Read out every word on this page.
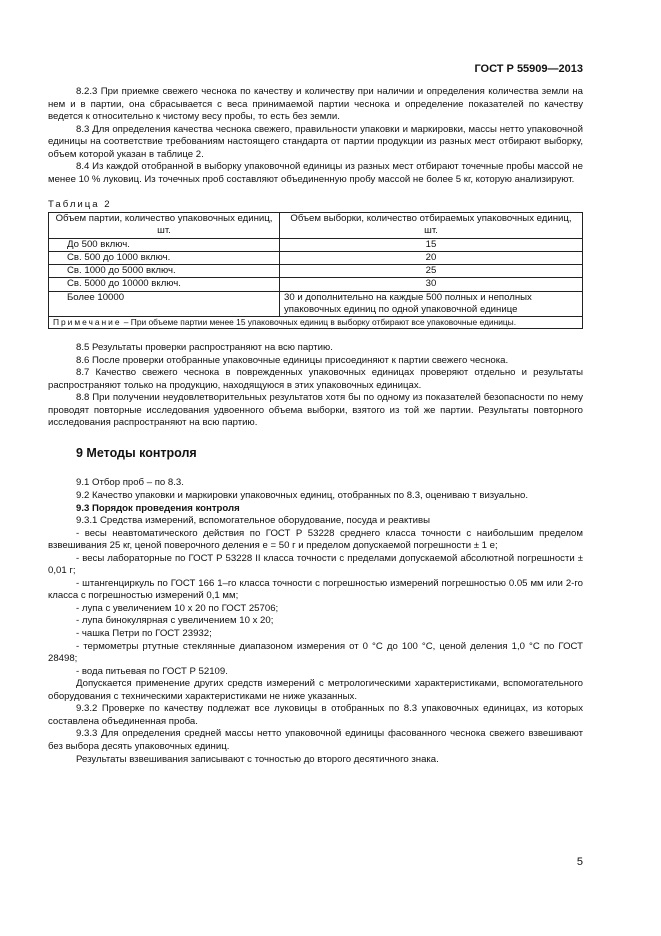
ГОСТ Р 55909—2013

8.2.3 При приемке свежего чеснока по качеству и количеству при наличии и определения количества земли на нем и в партии, она сбрасывается с веса принимаемой партии чеснока и определение показателей по качеству ведется к относительно к чистому весу пробы, то есть без земли.

8.3 Для определения качества чеснока свежего, правильности упаковки и маркировки, массы нетто упаковочной единицы на соответствие требованиям настоящего стандарта от партии продукции из разных мест отбирают выборку, объем которой указан в таблице 2.

8.4 Из каждой отобранной в выборку упаковочной единицы из разных мест отбирают точечные пробы массой не менее 10 % луковиц. Из точечных проб составляют объединенную пробу массой не более 5 кг, которую анализируют.

Таблица 2

Объем партии, количество упаковочных единиц, шт.	Объем выборки, количество отбираемых упаковочных единиц, шт.
До 500 включ.	15
Св. 500 до 1000 включ.	20
Св. 1000 до 5000 включ.	25
Св. 5000 до 10000 включ.	30
Более 10000	30 и дополнительно на каждые 500 полных и неполных упаковочных единиц по одной упаковочной единице
Примечание – При объеме партии менее 15 упаковочных единиц в выборку отбирают все упаковочные единицы.	

8.5 Результаты проверки распространяют на всю партию.

8.6 После проверки отобранные упаковочные единицы присоединяют к партии свежего чеснока.

8.7 Качество свежего чеснока в поврежденных упаковочных единицах проверяют отдельно и результаты распространяют только на продукцию, находящуюся в этих упаковочных единицах.

8.8 При получении неудовлетворительных результатов хотя бы по одному из показателей безопасности по нему проводят повторные исследования удвоенного объема выборки, взятого из той же партии. Результаты повторного исследования распространяют на всю партию.

9 Методы контроля

9.1 Отбор проб – по 8.3.

9.2 Качество упаковки и маркировки упаковочных единиц, отобранных по 8.3, оцениваю т визуально.

9.3 Порядок проведения контроля

9.3.1 Средства измерений, вспомогательное оборудование, посуда и реактивы

- весы неавтоматического действия по ГОСТ Р 53228 среднего класса точности с наибольшим пределом взвешивания 25 кг, ценой поверочного деления е = 50 г и пределом допускаемой погрешности ± 1 е;

- весы лабораторные по ГОСТ Р 53228 II класса точности с пределами допускаемой абсолютной погрешности ± 0,01 г;

- штангенциркуль по ГОСТ 166 1–го класса точности с погрешностью измерений погрешностью 0.05 мм или 2-го класса с погрешностью измерений 0,1 мм;

- лупа с увеличением 10 х 20 по ГОСТ 25706;

- лупа бинокулярная с увеличением 10 х 20;

- чашка Петри по ГОСТ 23932;

- термометры ртутные стеклянные диапазоном измерения от 0 °С до 100 °С, ценой деления 1,0 °С по ГОСТ 28498;

- вода питьевая по ГОСТ Р 52109.

Допускается применение других средств измерений с метрологическими характеристиками, вспомогательного оборудования с техническими характеристиками не ниже указанных.

9.3.2 Проверке по качеству подлежат все луковицы в отобранных по 8.3 упаковочных единицах, из которых составлена объединенная проба.

9.3.3 Для определения средней массы нетто упаковочной единицы фасованного чеснока свежего взвешивают без выбора десять упаковочных единиц.

Результаты взвешивания записывают с точностью до второго десятичного знака.

5
